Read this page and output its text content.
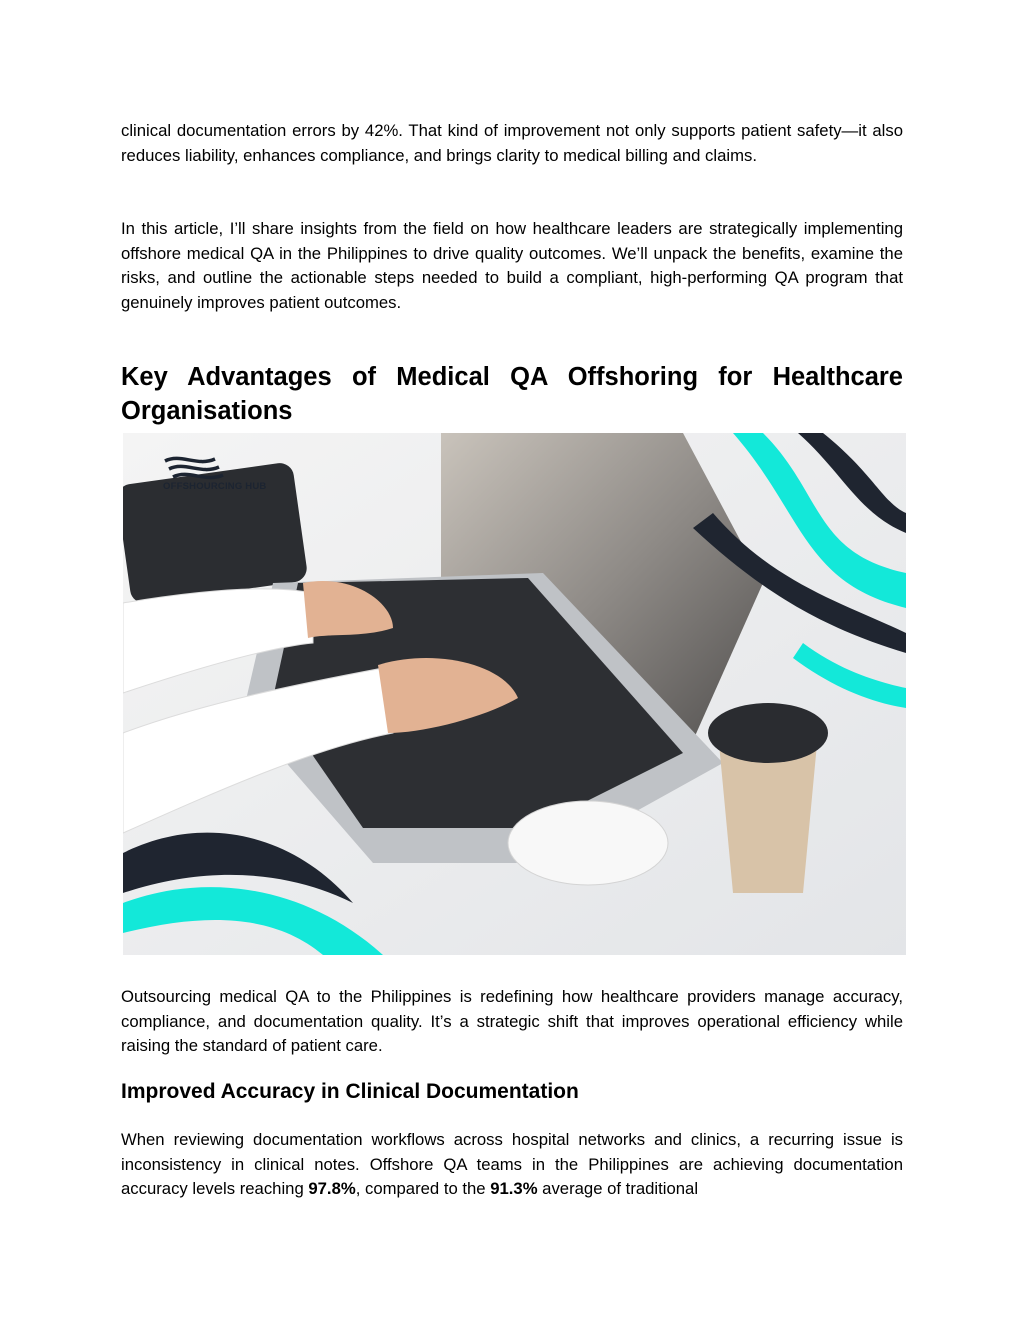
clinical documentation errors by 42%. That kind of improvement not only supports patient safety—it also reduces liability, enhances compliance, and brings clarity to medical billing and claims.

In this article, I’ll share insights from the field on how healthcare leaders are strategically implementing offshore medical QA in the Philippines to drive quality outcomes. We’ll unpack the benefits, examine the risks, and outline the actionable steps needed to build a compliant, high-performing QA program that genuinely improves patient outcomes.

Key Advantages of Medical QA Offshoring for Healthcare Organisations
OFFSHOURCING HUB

Outsourcing medical QA to the Philippines is redefining how healthcare providers manage accuracy, compliance, and documentation quality. It’s a strategic shift that improves operational efficiency while raising the standard of patient care.

Improved Accuracy in Clinical Documentation

When reviewing documentation workflows across hospital networks and clinics, a recurring issue is inconsistency in clinical notes. Offshore QA teams in the Philippines are achieving documentation accuracy levels reaching 97.8%, compared to the 91.3% average of traditional
